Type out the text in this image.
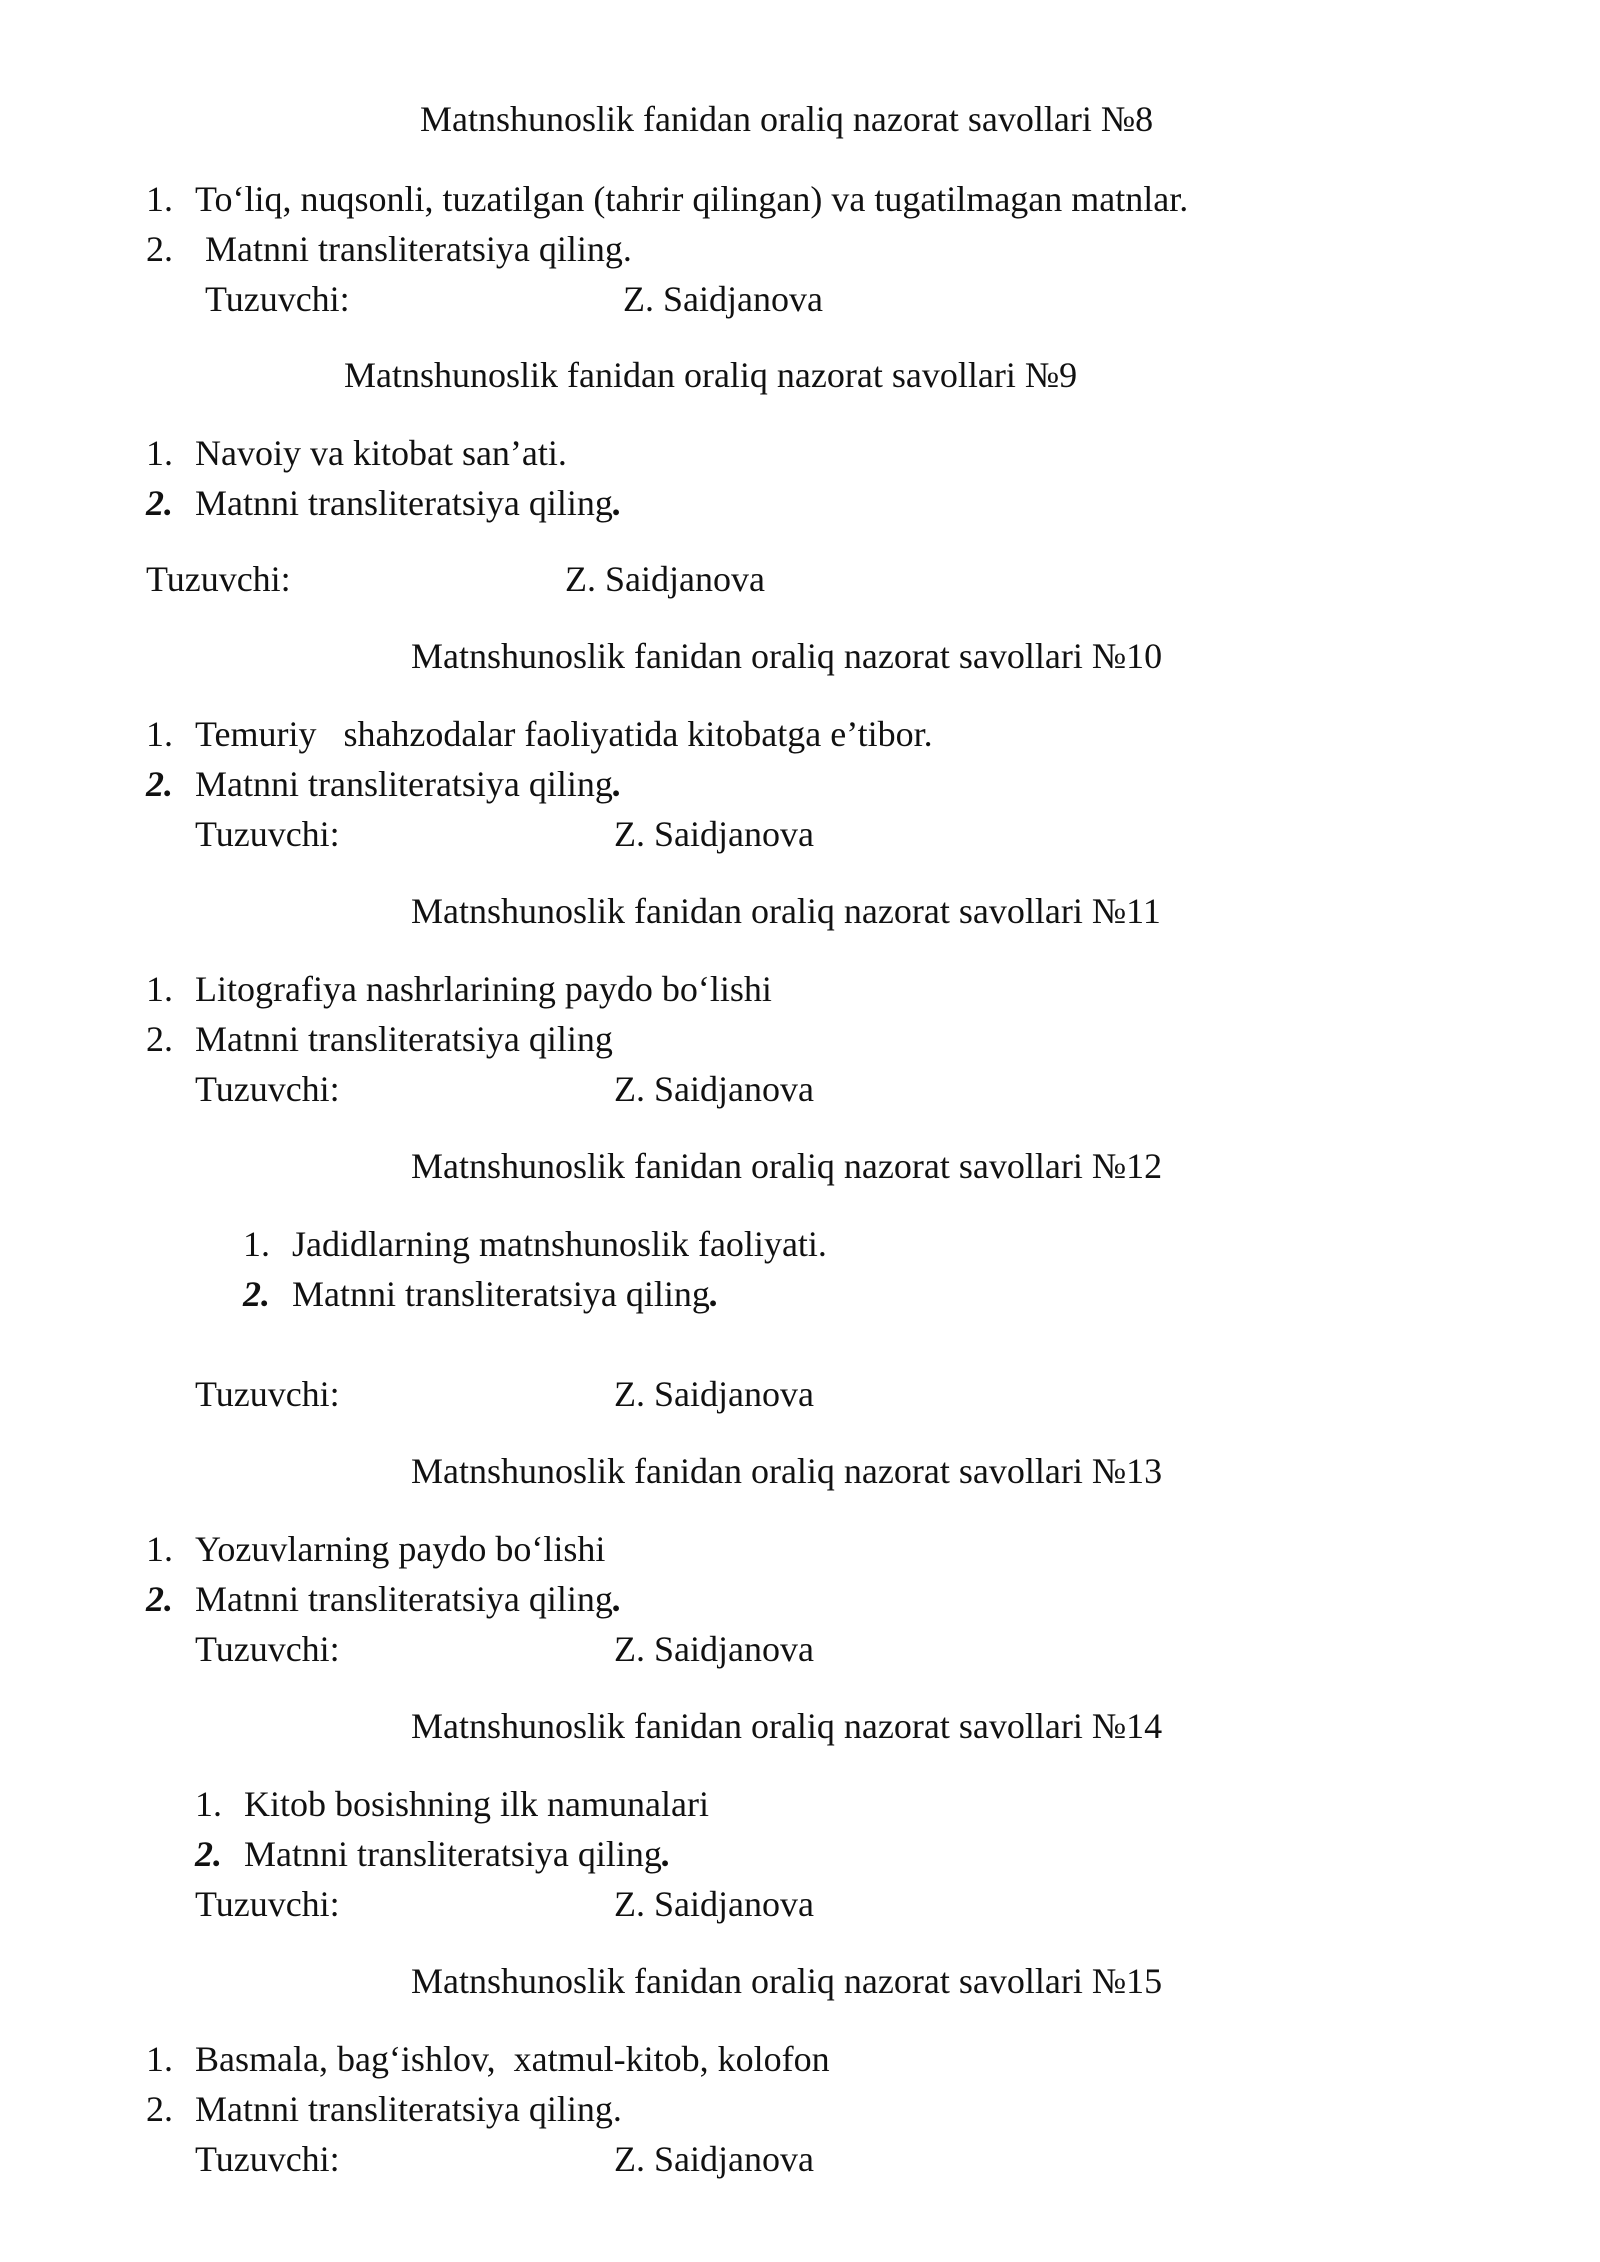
Matnshunoslik fanidan oraliq nazorat savollari №8
1. To‘liq, nuqsonli, tuzatilgan (tahrir qilingan) va tugatilmagan matnlar.
2. Matnni transliteratsiya qiling.
Tuzuvchi:	Z. Saidjanova
Matnshunoslik fanidan oraliq nazorat savollari №9
1. Navoiy va kitobat san’ati.
2. Matnni transliteratsiya qiling.
Tuzuvchi:	Z. Saidjanova
Matnshunoslik fanidan oraliq nazorat savollari №10
1. Temuriy   shahzodalar faoliyatida kitobatga e’tibor.
2. Matnni transliteratsiya qiling.
Tuzuvchi:	Z. Saidjanova
Matnshunoslik fanidan oraliq nazorat savollari №11
1. Litografiya nashrlarining paydo bo‘lishi
2. Matnni transliteratsiya qiling
Tuzuvchi:	Z. Saidjanova
Matnshunoslik fanidan oraliq nazorat savollari №12
1. Jadidlarning matnshunoslik faoliyati.
2. Matnni transliteratsiya qiling.
Tuzuvchi:	Z. Saidjanova
Matnshunoslik fanidan oraliq nazorat savollari №13
1. Yozuvlarning paydo bo‘lishi
2. Matnni transliteratsiya qiling.
Tuzuvchi:	Z. Saidjanova
Matnshunoslik fanidan oraliq nazorat savollari №14
1. Kitob bosishning ilk namunalari
2. Matnni transliteratsiya qiling.
Tuzuvchi:	Z. Saidjanova
Matnshunoslik fanidan oraliq nazorat savollari №15
1. Basmala, bag‘ishlov,  xatmul-kitob, kolofon
2. Matnni transliteratsiya qiling.
Tuzuvchi:	Z. Saidjanova
